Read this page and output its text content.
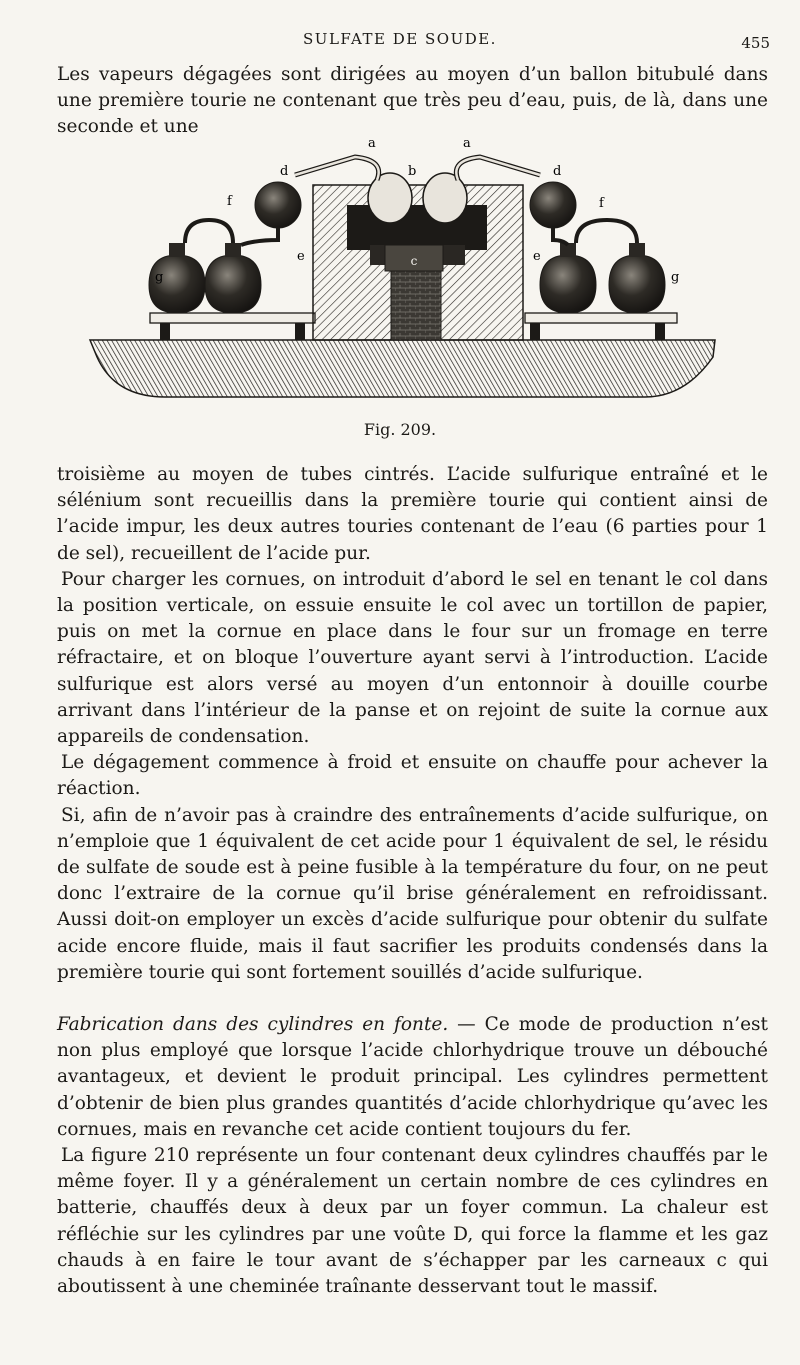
SULFATE DE SOUDE.	455

Les vapeurs dégagées sont dirigées au moyen d’un ballon bitubulé dans une première tourie ne contenant que très peu d’eau, puis, de là, dans une seconde et une

c
a	a
b
d	d
e	e
f	f
g	g
Fig. 209.

troisième au moyen de tubes cintrés. L’acide sulfurique entraîné et le sélénium sont recueillis dans la première tourie qui contient ainsi de l’acide impur, les deux autres touries contenant de l’eau (6 parties pour 1 de sel), recueillent de l’acide pur.

Pour charger les cornues, on introduit d’abord le sel en tenant le col dans la position verticale, on essuie ensuite le col avec un tortillon de papier, puis on met la cornue en place dans le four sur un fromage en terre réfractaire, et on bloque l’ouverture ayant servi à l’introduction. L’acide sulfurique est alors versé au moyen d’un entonnoir à douille courbe arrivant dans l’intérieur de la panse et on rejoint de suite la cornue aux appareils de condensation.

Le dégagement commence à froid et ensuite on chauffe pour achever la réaction.

Si, afin de n’avoir pas à craindre des entraînements d’acide sulfurique, on n’emploie que 1 équivalent de cet acide pour 1 équivalent de sel, le résidu de sulfate de soude est à peine fusible à la température du four, on ne peut donc l’extraire de la cornue qu’il brise généralement en refroidissant. Aussi doit-on employer un excès d’acide sulfurique pour obtenir du sulfate acide encore fluide, mais il faut sacrifier les produits condensés dans la première tourie qui sont fortement souillés d’acide sulfurique.

Fabrication dans des cylindres en fonte. — Ce mode de production n’est non plus employé que lorsque l’acide chlorhydrique trouve un débouché avantageux, et devient le produit principal. Les cylindres permettent d’obtenir de bien plus grandes quantités d’acide chlorhydrique qu’avec les cornues, mais en revanche cet acide contient toujours du fer.

La figure 210 représente un four contenant deux cylindres chauffés par le même foyer. Il y a généralement un certain nombre de ces cylindres en batterie, chauffés deux à deux par un foyer commun. La chaleur est réfléchie sur les cylindres par une voûte D, qui force la flamme et les gaz chauds à en faire le tour avant de s’échapper par les carneaux c qui aboutissent à une cheminée traînante desservant tout le massif.
